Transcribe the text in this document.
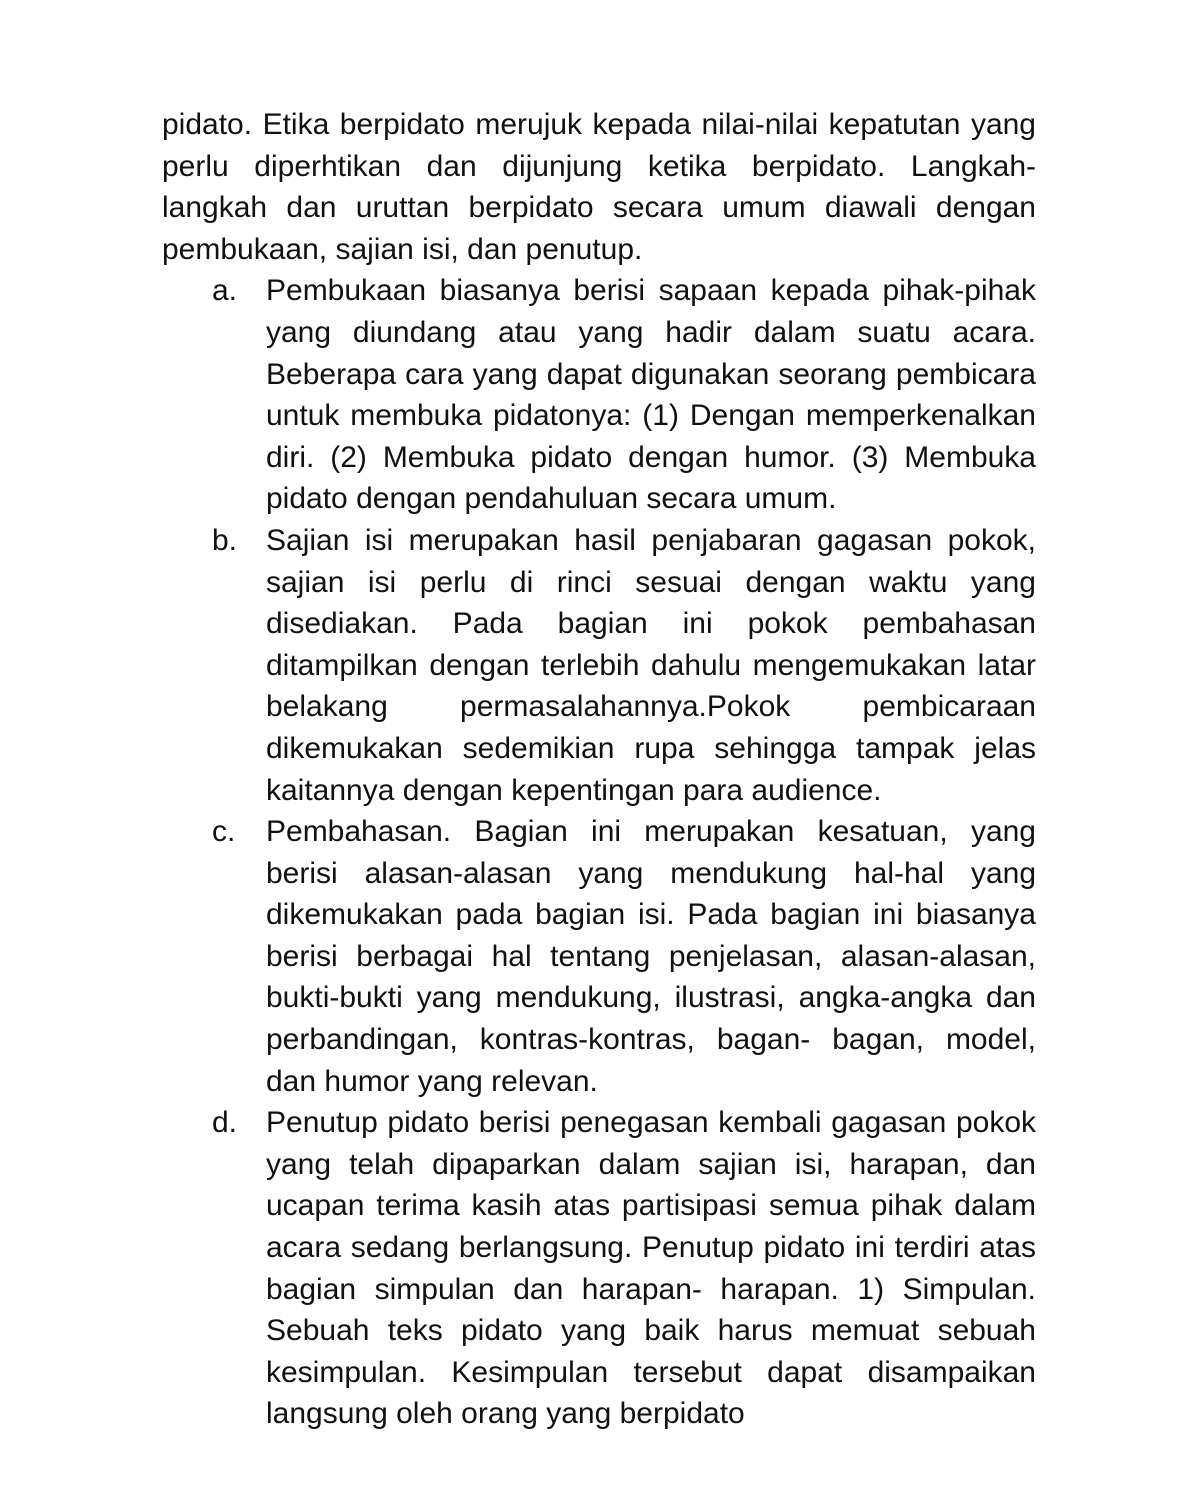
pidato. Etika berpidato merujuk kepada nilai-nilai kepatutan yang perlu diperhtikan dan dijunjung ketika berpidato. Langkah-langkah dan uruttan berpidato secara umum diawali dengan pembukaan, sajian isi, dan penutup.

a. Pembukaan biasanya berisi sapaan kepada pihak-pihak yang diundang atau yang hadir dalam suatu acara. Beberapa cara yang dapat digunakan seorang pembicara untuk membuka pidatonya: (1) Dengan memperkenalkan diri. (2) Membuka pidato dengan humor. (3) Membuka pidato dengan pendahuluan secara umum.
b. Sajian isi merupakan hasil penjabaran gagasan pokok, sajian isi perlu di rinci sesuai dengan waktu yang disediakan. Pada bagian ini pokok pembahasan ditampilkan dengan terlebih dahulu mengemukakan latar belakang permasalahannya.Pokok pembicaraan dikemukakan sedemikian rupa sehingga tampak jelas kaitannya dengan kepentingan para audience.
c. Pembahasan. Bagian ini merupakan kesatuan, yang berisi alasan-alasan yang mendukung hal-hal yang dikemukakan pada bagian isi. Pada bagian ini biasanya berisi berbagai hal tentang penjelasan, alasan-alasan, bukti-bukti yang mendukung, ilustrasi, angka-angka dan perbandingan, kontras-kontras, bagan- bagan, model, dan humor yang relevan.
d. Penutup pidato berisi penegasan kembali gagasan pokok yang telah dipaparkan dalam sajian isi, harapan, dan ucapan terima kasih atas partisipasi semua pihak dalam acara sedang berlangsung. Penutup pidato ini terdiri atas bagian simpulan dan harapan- harapan. 1) Simpulan. Sebuah teks pidato yang baik harus memuat sebuah kesimpulan. Kesimpulan tersebut dapat disampaikan langsung oleh orang yang berpidato
